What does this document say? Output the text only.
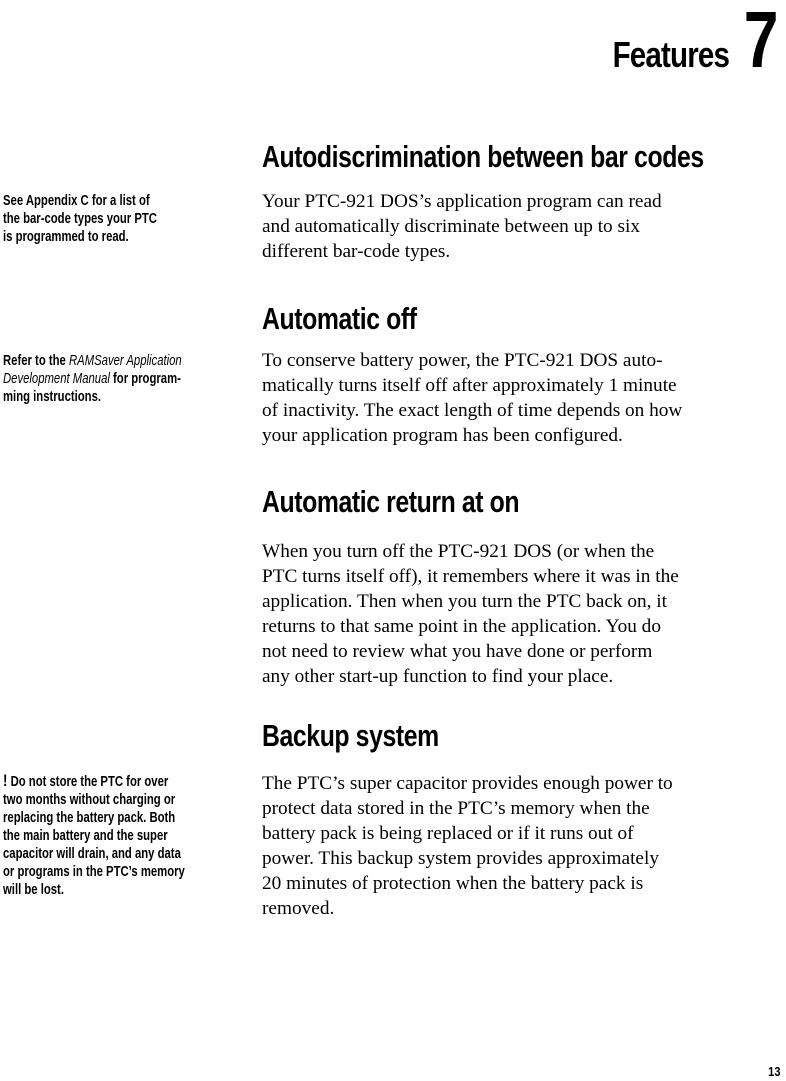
Features 7
Autodiscrimination between bar codes
See Appendix C for a list of
the bar-code types your PTC
is programmed to read.
Your PTC-921 DOS’s application program can read
and automatically discriminate between up to six
different bar-code types.
Automatic off
Refer to the RAMSaver Application
Development Manual for program-
ming instructions.
To conserve battery power, the PTC-921 DOS auto-
matically turns itself off after approximately 1 minute
of inactivity. The exact length of time depends on how
your application program has been configured.
Automatic return at on
When you turn off the PTC-921 DOS (or when the
PTC turns itself off), it remembers where it was in the
application. Then when you turn the PTC back on, it
returns to that same point in the application. You do
not need to review what you have done or perform
any other start-up function to find your place.
Backup system
! Do not store the PTC for over
two months without charging or
replacing the battery pack. Both
the main battery and the super
capacitor will drain, and any data
or programs in the PTC’s memory
will be lost.
The PTC’s super capacitor provides enough power to
protect data stored in the PTC’s memory when the
battery pack is being replaced or if it runs out of
power. This backup system provides approximately
20 minutes of protection when the battery pack is
removed.
13
